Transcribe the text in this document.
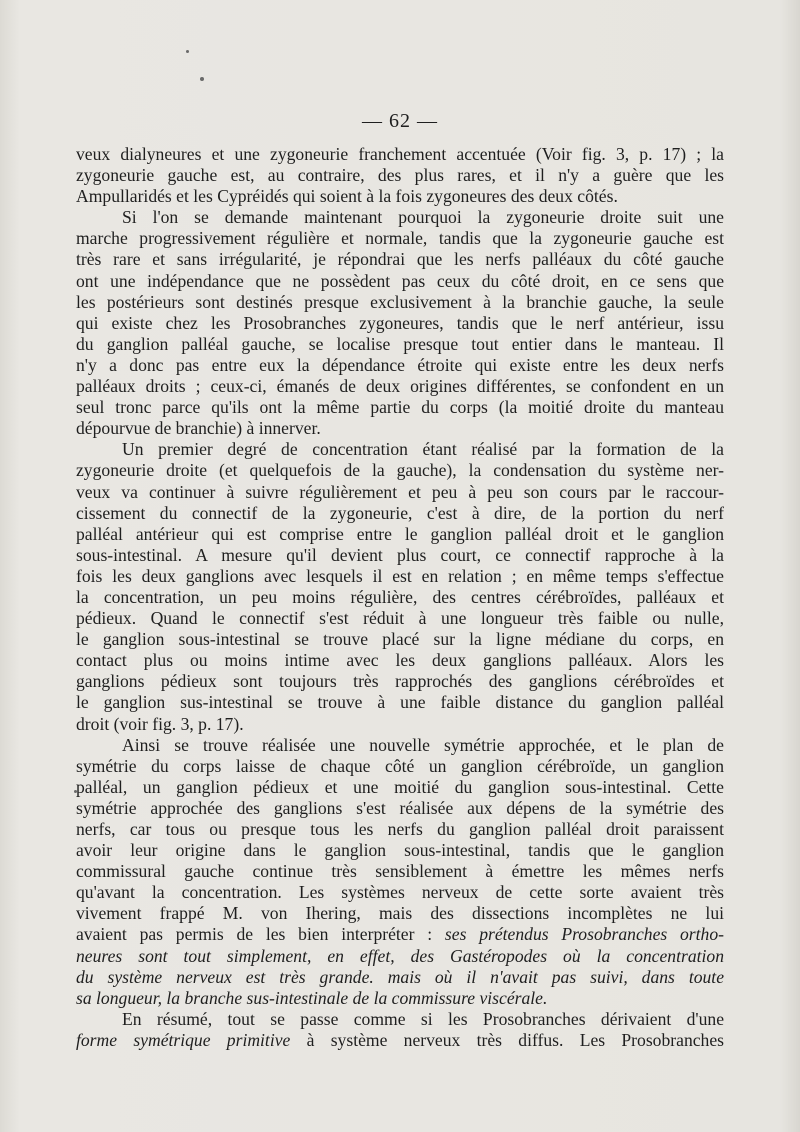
— 62 —
veux dialyneures et une zygoneurie franchement accentuée (Voir fig. 3, p. 17) ; la
zygoneurie gauche est, au contraire, des plus rares, et il n'y a guère que les
Ampullaridés et les Cypréidés qui soient à la fois zygoneures des deux côtés.
Si l'on se demande maintenant pourquoi la zygoneurie droite suit une
marche progressivement régulière et normale, tandis que la zygoneurie gauche est
très rare et sans irrégularité, je répondrai que les nerfs palléaux du côté gauche
ont une indépendance que ne possèdent pas ceux du côté droit, en ce sens que
les postérieurs sont destinés presque exclusivement à la branchie gauche, la seule
qui existe chez les Prosobranches zygoneures, tandis que le nerf antérieur, issu
du ganglion palléal gauche, se localise presque tout entier dans le manteau. Il
n'y a donc pas entre eux la dépendance étroite qui existe entre les deux nerfs
palléaux droits ; ceux-ci, émanés de deux origines différentes, se confondent en un
seul tronc parce qu'ils ont la même partie du corps (la moitié droite du manteau
dépourvue de branchie) à innerver.
Un premier degré de concentration étant réalisé par la formation de la
zygoneurie droite (et quelquefois de la gauche), la condensation du système ner-
veux va continuer à suivre régulièrement et peu à peu son cours par le raccour-
cissement du connectif de la zygoneurie, c'est à dire, de la portion du nerf
palléal antérieur qui est comprise entre le ganglion palléal droit et le ganglion
sous-intestinal. A mesure qu'il devient plus court, ce connectif rapproche à la
fois les deux ganglions avec lesquels il est en relation ; en même temps s'effectue
la concentration, un peu moins régulière, des centres cérébroïdes, palléaux et
pédieux. Quand le connectif s'est réduit à une longueur très faible ou nulle,
le ganglion sous-intestinal se trouve placé sur la ligne médiane du corps, en
contact plus ou moins intime avec les deux ganglions palléaux. Alors les
ganglions pédieux sont toujours très rapprochés des ganglions cérébroïdes et
le ganglion sus-intestinal se trouve à une faible distance du ganglion palléal
droit (voir fig. 3, p. 17).
Ainsi se trouve réalisée une nouvelle symétrie approchée, et le plan de
symétrie du corps laisse de chaque côté un ganglion cérébroïde, un ganglion
palléal, un ganglion pédieux et une moitié du ganglion sous-intestinal. Cette
symétrie approchée des ganglions s'est réalisée aux dépens de la symétrie des
nerfs, car tous ou presque tous les nerfs du ganglion palléal droit paraissent
avoir leur origine dans le ganglion sous-intestinal, tandis que le ganglion
commissural gauche continue très sensiblement à émettre les mêmes nerfs
qu'avant la concentration. Les systèmes nerveux de cette sorte avaient très
vivement frappé M. von Ihering, mais des dissections incomplètes ne lui
avaient pas permis de les bien interpréter : ses prétendus Prosobranches ortho-
neures sont tout simplement, en effet, des Gastéropodes où la concentration
du système nerveux est très grande. mais où il n'avait pas suivi, dans toute
sa longueur, la branche sus-intestinale de la commissure viscérale.
En résumé, tout se passe comme si les Prosobranches dérivaient d'une
forme symétrique primitive à système nerveux très diffus. Les Prosobranches
